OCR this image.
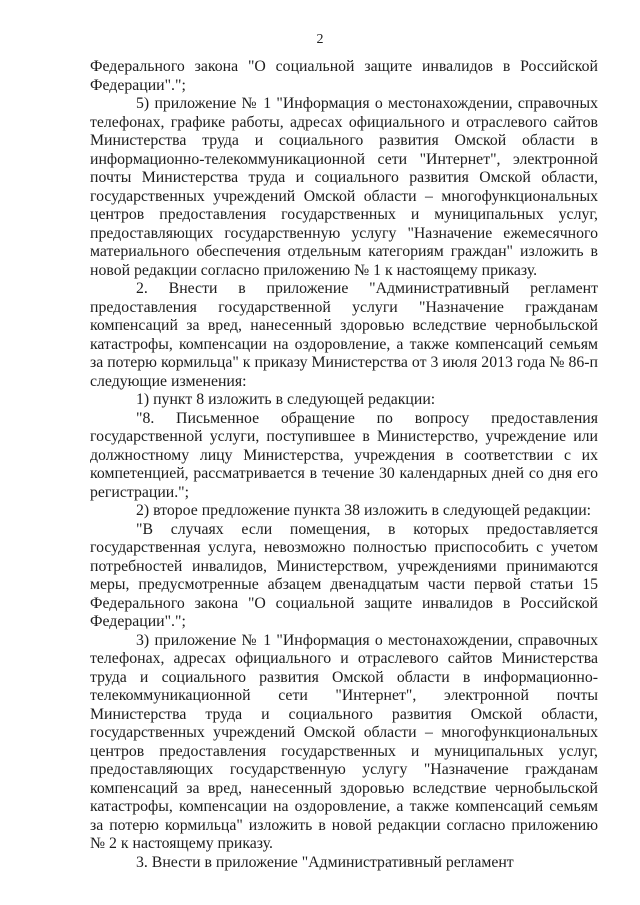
2

Федерального закона "О социальной защите инвалидов в Российской Федерации".";

5) приложение № 1 "Информация о местонахождении, справочных телефонах, графике работы, адресах официального и отраслевого сайтов Министерства труда и социального развития Омской области в информационно-телекоммуникационной сети "Интернет", электронной почты Министерства труда и социального развития Омской области, государственных учреждений Омской области – многофункциональных центров предоставления государственных и муниципальных услуг, предоставляющих государственную услугу "Назначение ежемесячного материального обеспечения отдельным категориям граждан" изложить в новой редакции согласно приложению № 1 к настоящему приказу.

2. Внести в приложение "Административный регламент предоставления государственной услуги "Назначение гражданам компенсаций за вред, нанесенный здоровью вследствие чернобыльской катастрофы, компенсации на оздоровление, а также компенсаций семьям за потерю кормильца" к приказу Министерства от 3 июля 2013 года № 86-п следующие изменения:

1) пункт 8 изложить в следующей редакции:

"8. Письменное обращение по вопросу предоставления государственной услуги, поступившее в Министерство, учреждение или должностному лицу Министерства, учреждения в соответствии с их компетенцией, рассматривается в течение 30 календарных дней со дня его регистрации.";

2) второе предложение пункта 38 изложить в следующей редакции:

"В случаях если помещения, в которых предоставляется государственная услуга, невозможно полностью приспособить с учетом потребностей инвалидов, Министерством, учреждениями принимаются меры, предусмотренные абзацем двенадцатым части первой статьи 15 Федерального закона "О социальной защите инвалидов в Российской Федерации".";

3) приложение № 1 "Информация о местонахождении, справочных телефонах, адресах официального и отраслевого сайтов Министерства труда и социального развития Омской области в информационно-телекоммуникационной сети "Интернет", электронной почты Министерства труда и социального развития Омской области, государственных учреждений Омской области – многофункциональных центров предоставления государственных и муниципальных услуг, предоставляющих государственную услугу "Назначение гражданам компенсаций за вред, нанесенный здоровью вследствие чернобыльской катастрофы, компенсации на оздоровление, а также компенсаций семьям за потерю кормильца" изложить в новой редакции согласно приложению № 2 к настоящему приказу.

3. Внести в приложение "Административный регламент
